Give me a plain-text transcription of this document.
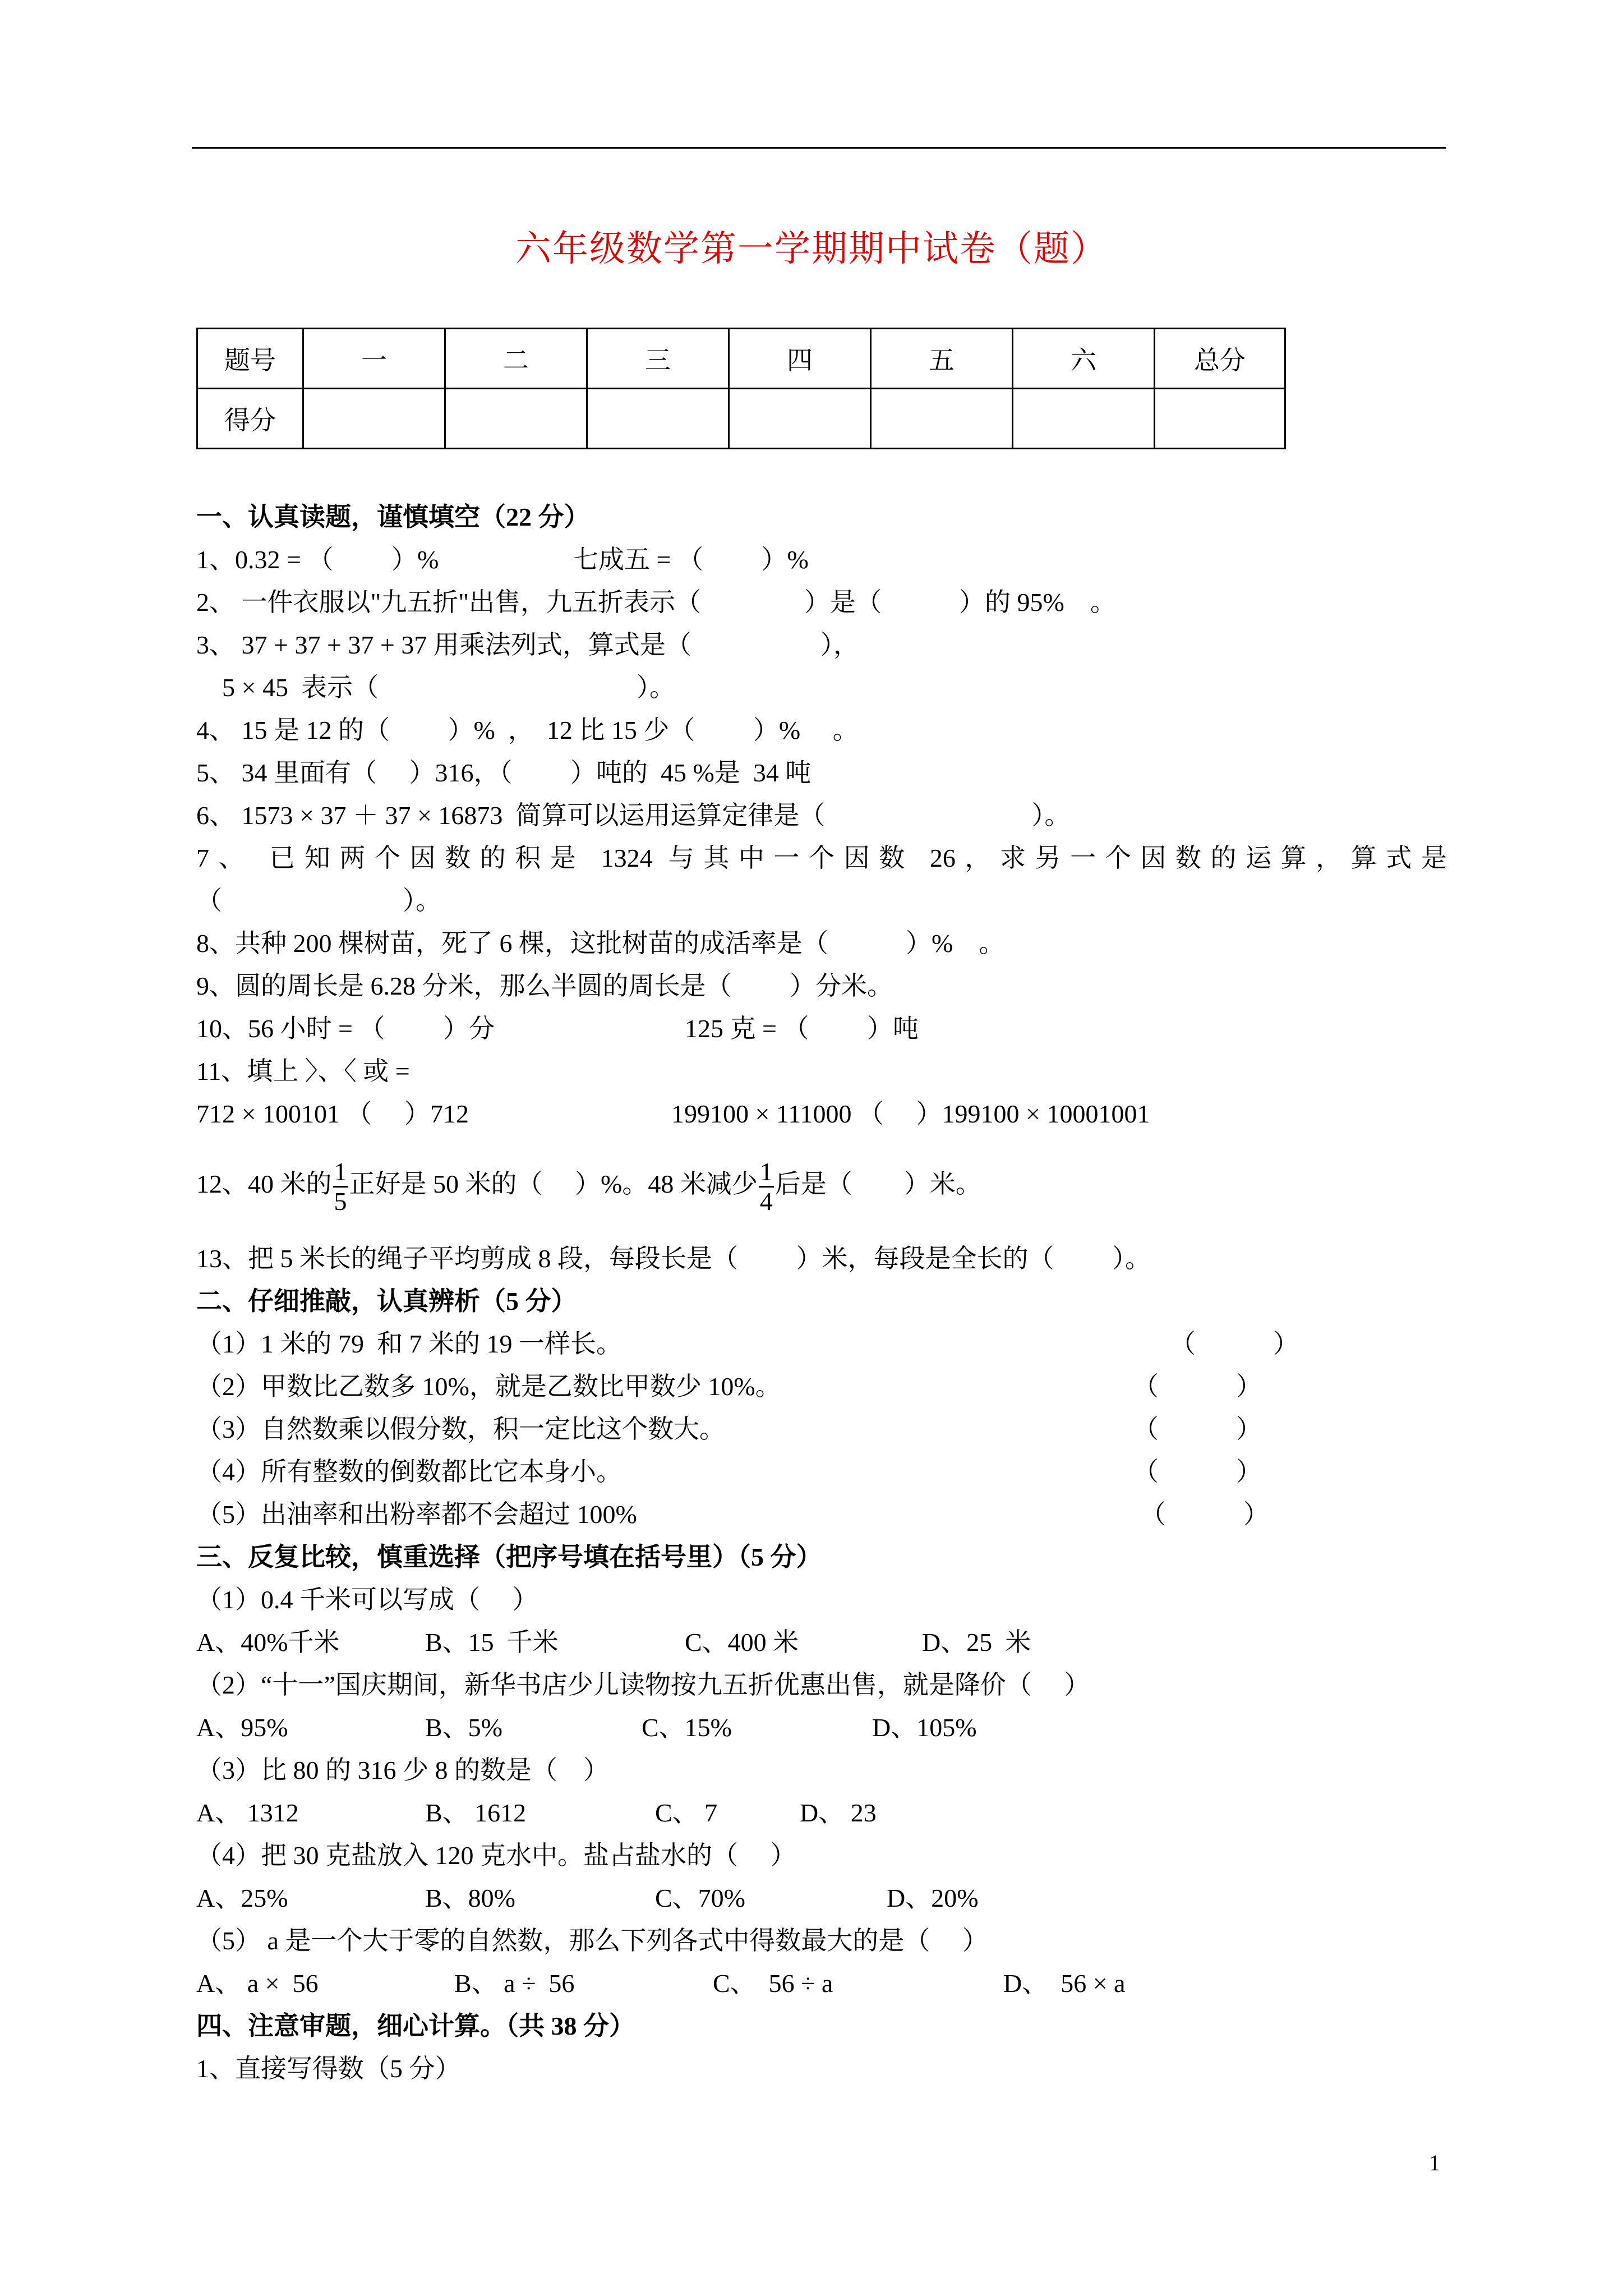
六年级数学第一学期期中试卷（题）
题号	一	二	三	四	五	六	总分
得分							
一、认真读题，谨慎填空（22 分）
1、0.32 = （　　 ）%	七成五 = （　　 ）%
2、 一件衣服以"九五折"出售，九五折表示（　　　　）是（　　　）的 95%　。
3、 37 + 37 + 37 + 37 用乘法列式，算式是（　　　　　），
5 × 45  表示（　　　　　　　　　　）。
4、 15 是 12 的（　　 ）%  ，  12 比 15 少（　　 ）%　 。
5、 34 里面有（　 ）316，（　　 ）吨的  45 %是  34 吨
6、 1573 × 37 ＋ 37 × 16873  简算可以运用运算定律是（　　　　　　　　）。
7、 已知两个因数的积是 1324 与其中一个因数 26，求另一个因数的运算，算式是
（　　　　　　　）。
8、共种 200 棵树苗，死了 6 棵，这批树苗的成活率是（　　　）%　。
9、圆的周长是 6.28 分米，那么半圆的周长是（　　 ）分米。
10、56 小时 = （　　 ）分	125 克 = （　　 ）吨
11、填上 〉、〈 或 =
712 × 100101 （　 ）712	199100 × 111000 （　 ）199100 × 10001001
12、40 米的 $\frac{1}{5}$ 正好是 50 米的（　 ）%。48 米减少 $\frac{1}{4}$ 后是（　　）米。
13、把 5 米长的绳子平均剪成 8 段，每段长是（　　 ）米，每段是全长的（　　 ）。
二、仔细推敲，认真辨析（5 分）
（1）1 米的 79  和 7 米的 19 一样长。	（　　　）
（2）甲数比乙数多 10%，就是乙数比甲数少 10%。	（　　　）
（3）自然数乘以假分数，积一定比这个数大。	（　　　）
（4）所有整数的倒数都比它本身小。	（　　　）
（5）出油率和出粉率都不会超过 100%	（　　　）
三、反复比较，慎重选择（把序号填在括号里）（5 分）
（1）0.4 千米可以写成（　 ）
A、40%千米	B、15  千米	C、400 米	D、25  米
（2）“十一”国庆期间，新华书店少儿读物按九五折优惠出售，就是降价（　 ）
A、95%	B、5%	C、15%	D、105%
（3）比 80 的 316 少 8 的数是（　）
A、 1312	B、 1612	C、 7	D、 23
（4）把 30 克盐放入 120 克水中。盐占盐水的（　 ）
A、25%	B、80%	C、70%	D、20%
（5） a 是一个大于零的自然数，那么下列各式中得数最大的是（　 ）
A、 a ×  56	B、 a ÷  56	C、  56 ÷ a	D、  56 × a
四、注意审题，细心计算。（共 38 分）
1、直接写得数（5 分）
1
